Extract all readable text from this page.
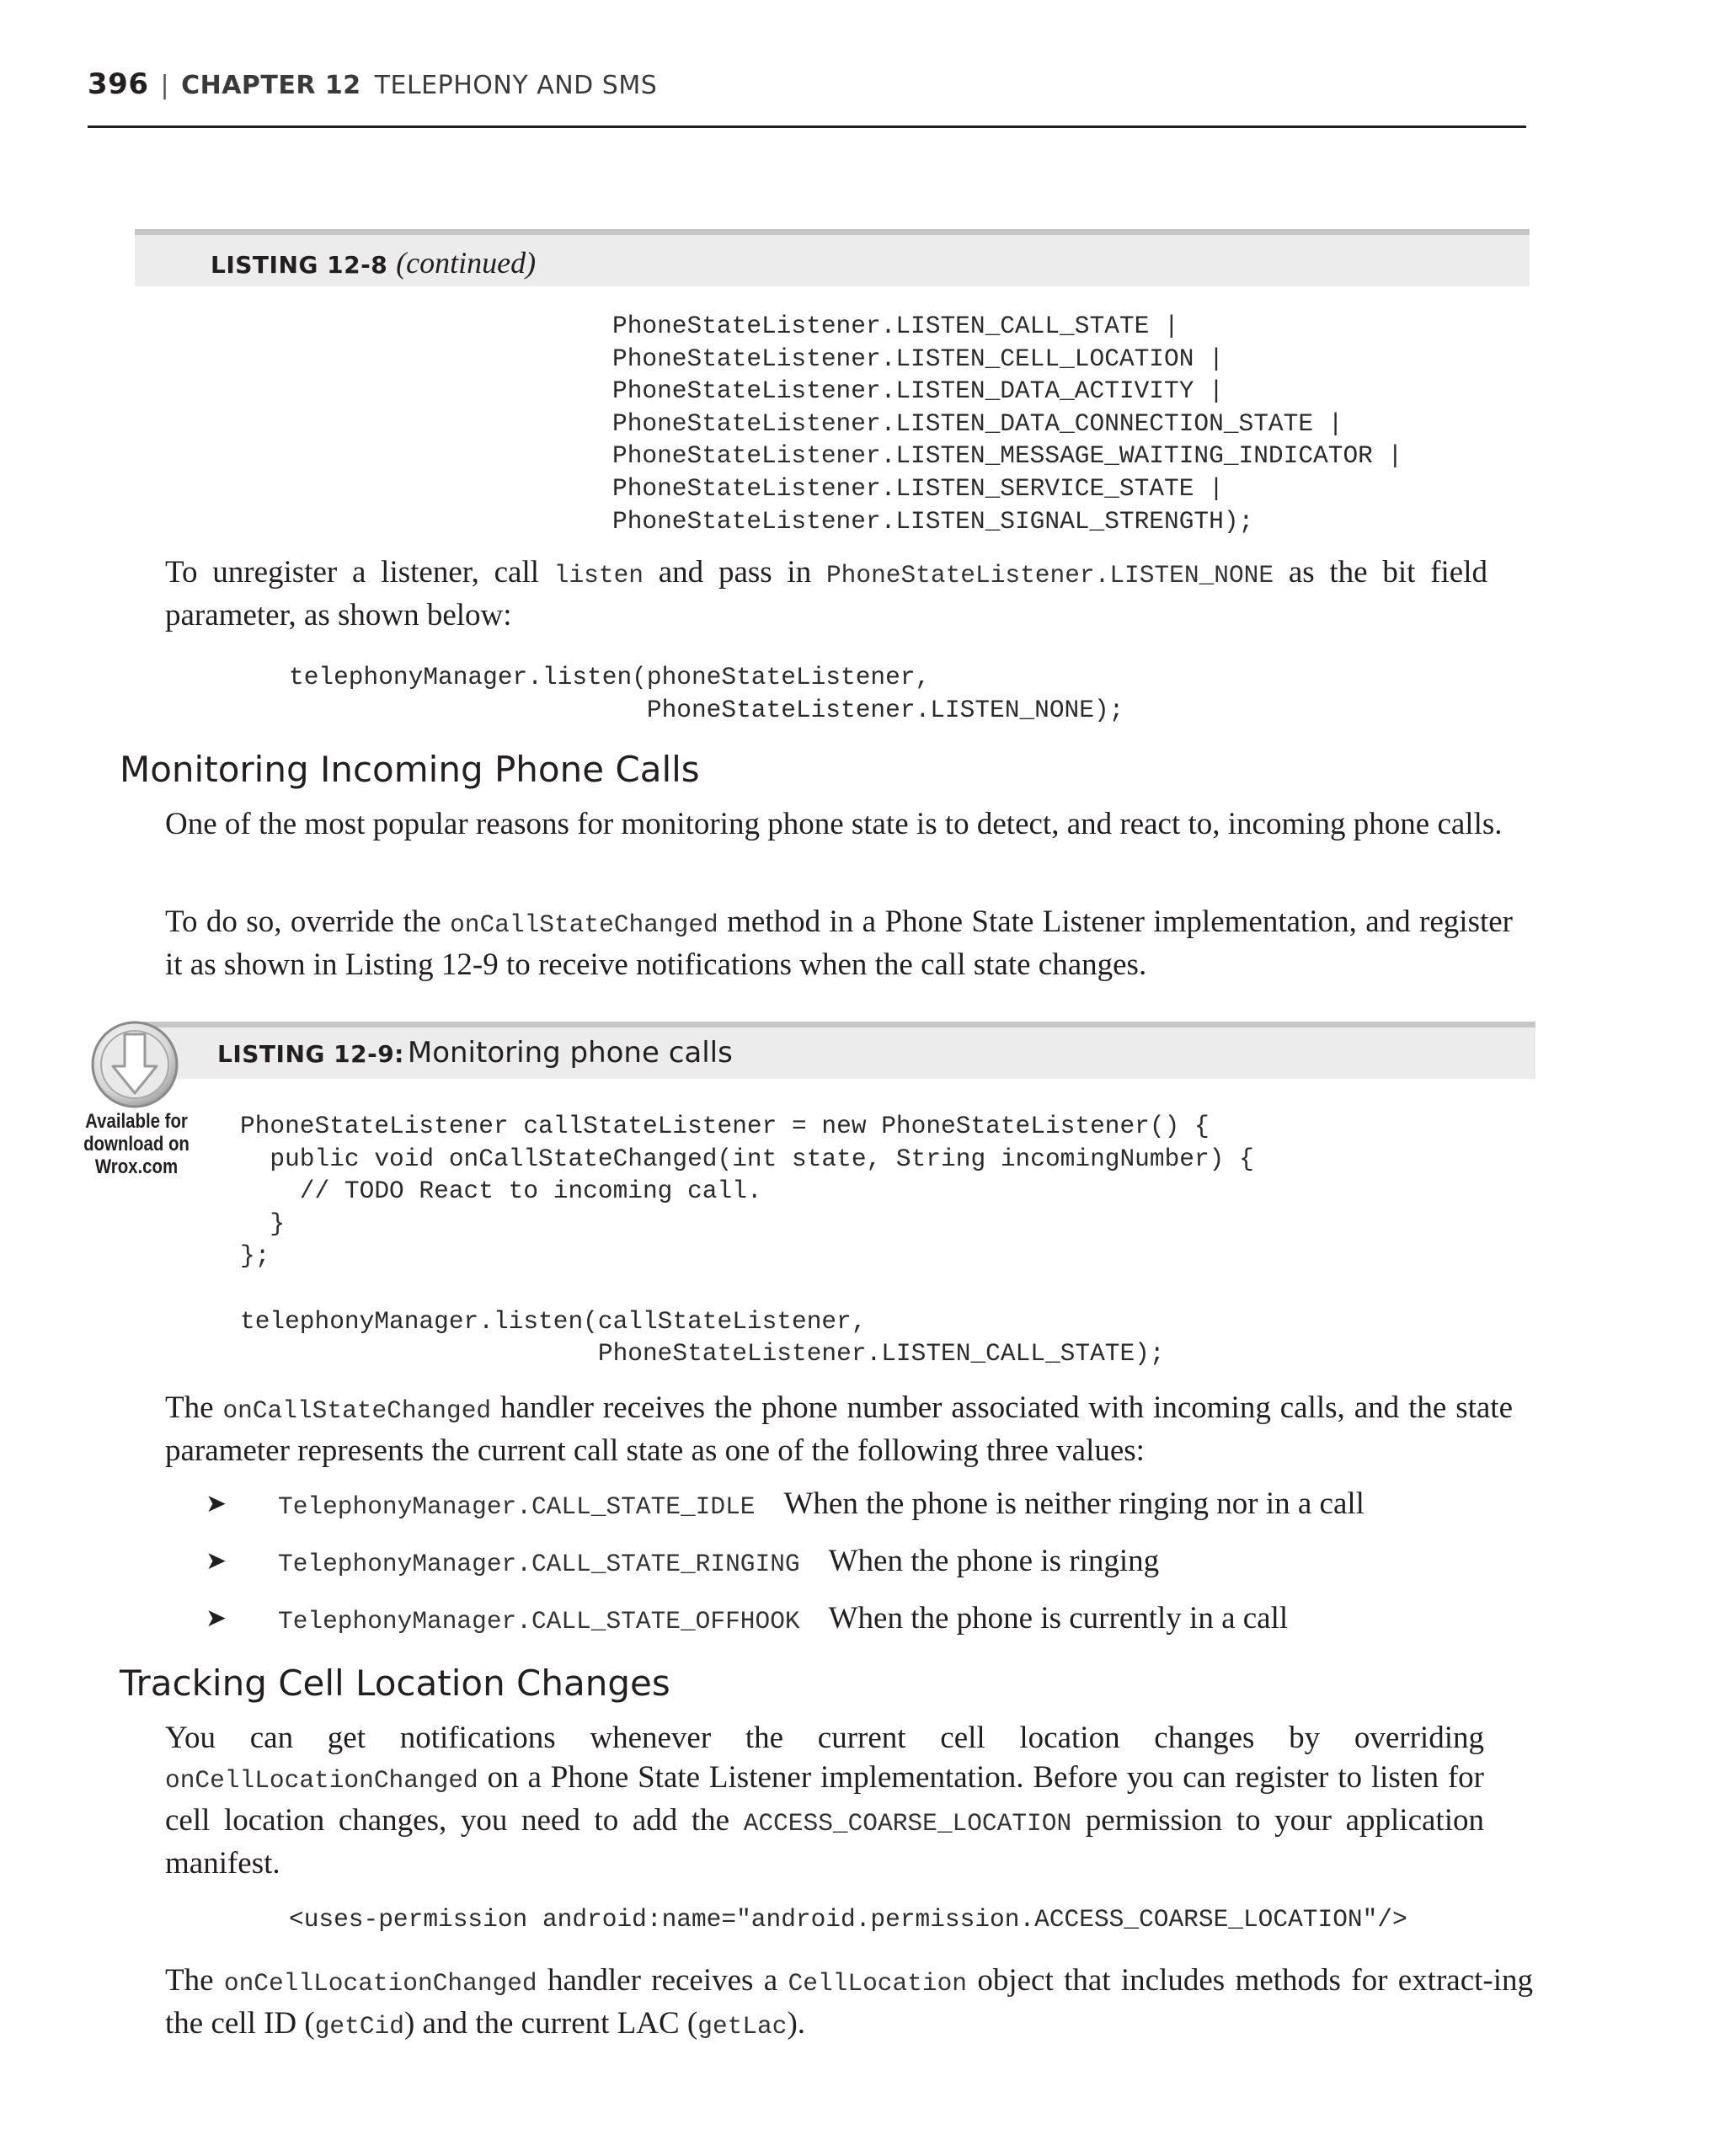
396 | CHAPTER 12 TELEPHONY AND SMS
LISTING 12-8 (continued)
PhoneStateListener.LISTEN_CALL_STATE |
PhoneStateListener.LISTEN_CELL_LOCATION |
PhoneStateListener.LISTEN_DATA_ACTIVITY |
PhoneStateListener.LISTEN_DATA_CONNECTION_STATE |
PhoneStateListener.LISTEN_MESSAGE_WAITING_INDICATOR |
PhoneStateListener.LISTEN_SERVICE_STATE |
PhoneStateListener.LISTEN_SIGNAL_STRENGTH);
To unregister a listener, call listen and pass in PhoneStateListener.LISTEN_NONE as the bit field parameter, as shown below:
telephonyManager.listen(phoneStateListener,
PhoneStateListener.LISTEN_NONE);
Monitoring Incoming Phone Calls
One of the most popular reasons for monitoring phone state is to detect, and react to, incoming phone calls.
To do so, override the onCallStateChanged method in a Phone State Listener implementation, and register it as shown in Listing 12-9 to receive notifications when the call state changes.
LISTING 12-9: Monitoring phone calls
Available for
download on
Wrox.com
PhoneStateListener callStateListener = new PhoneStateListener() {
public void onCallStateChanged(int state, String incomingNumber) {
// TODO React to incoming call.
}
};

telephonyManager.listen(callStateListener,
PhoneStateListener.LISTEN_CALL_STATE);
The onCallStateChanged handler receives the phone number associated with incoming calls, and the state parameter represents the current call state as one of the following three values:
➤ TelephonyManager.CALL_STATE_IDLE When the phone is neither ringing nor in a call
➤ TelephonyManager.CALL_STATE_RINGING When the phone is ringing
➤ TelephonyManager.CALL_STATE_OFFHOOK When the phone is currently in a call
Tracking Cell Location Changes
You can get notifications whenever the current cell location changes by overriding onCellLocationChanged on a Phone State Listener implementation. Before you can register to listen for cell location changes, you need to add the ACCESS_COARSE_LOCATION permission to your application manifest.
<uses-permission android:name="android.permission.ACCESS_COARSE_LOCATION"/>
The onCellLocationChanged handler receives a CellLocation object that includes methods for extract-ing the cell ID (getCid) and the current LAC (getLac).
